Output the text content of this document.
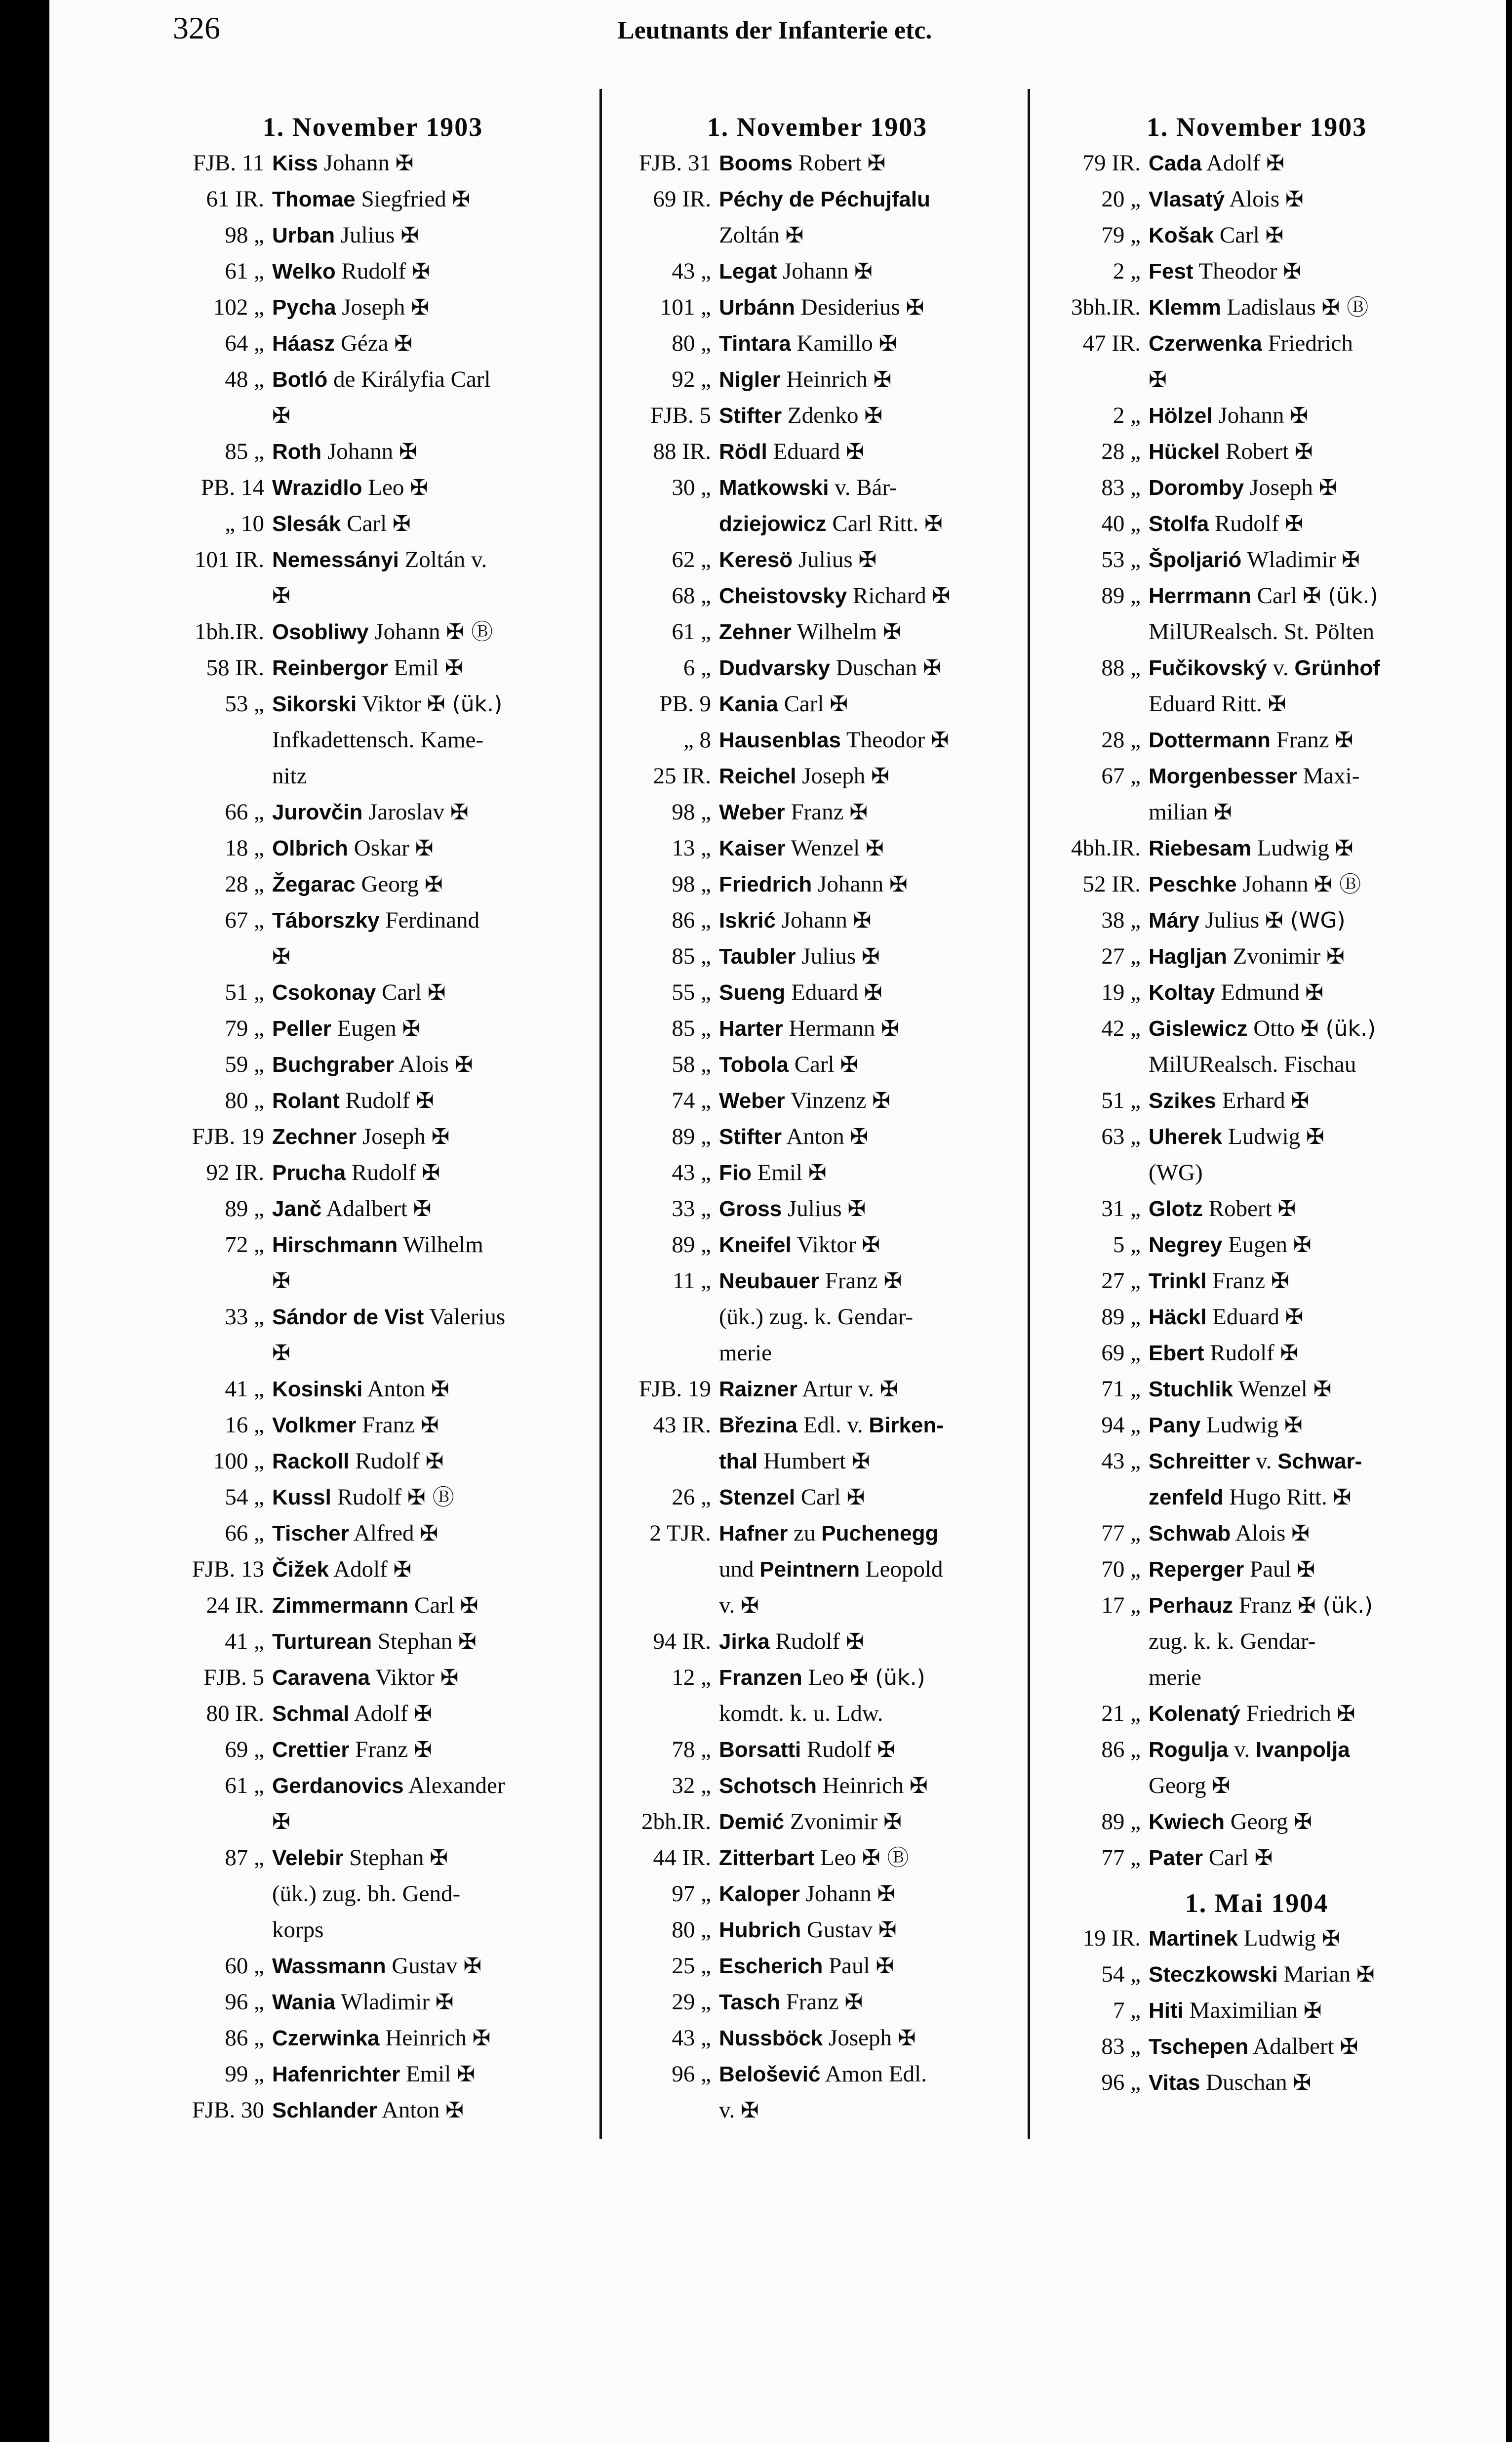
326	Leutnants der Infanterie etc.
1. November 1903
FJB. 11 Kiss Johann ✠
61 IR. Thomae Siegfried ✠
98 „ Urban Julius ✠
61 „ Welko Rudolf ✠
102 „ Pycha Joseph ✠
64 „ Háasz Géza ✠
48 „ Botló de Királyfia Carl
✠
85 „ Roth Johann ✠
PB. 14 Wrazidlo Leo ✠
„ 10 Slesák Carl ✠
101 IR. Nemessányi Zoltán v.
✠
1bh.IR. Osobliwy Johann ✠ Ⓑ
58 IR. Reinbergor Emil ✠
53 „ Sikorski Viktor ✠ (ük.)
Infkadettensch. Kame-
nitz
66 „ Jurovčin Jaroslav ✠
18 „ Olbrich Oskar ✠
28 „ Žegarac Georg ✠
67 „ Táborszky Ferdinand
✠
51 „ Csokonay Carl ✠
79 „ Peller Eugen ✠
59 „ Buchgraber Alois ✠
80 „ Rolant Rudolf ✠
FJB. 19 Zechner Joseph ✠
92 IR. Prucha Rudolf ✠
89 „ Janč Adalbert ✠
72 „ Hirschmann Wilhelm
✠
33 „ Sándor de Vist Valerius
✠
41 „ Kosinski Anton ✠
16 „ Volkmer Franz ✠
100 „ Rackoll Rudolf ✠
54 „ Kussl Rudolf ✠ Ⓑ
66 „ Tischer Alfred ✠
FJB. 13 Čižek Adolf ✠
24 IR. Zimmermann Carl ✠
41 „ Turturean Stephan ✠
FJB. 5 Caravena Viktor ✠
80 IR. Schmal Adolf ✠
69 „ Crettier Franz ✠
61 „ Gerdanovics Alexander
✠
87 „ Velebir Stephan ✠
(ük.) zug. bh. Gend-
korps
60 „ Wassmann Gustav ✠
96 „ Wania Wladimir ✠
86 „ Czerwinka Heinrich ✠
99 „ Hafenrichter Emil ✠
FJB. 30 Schlander Anton ✠
1. November 1903
FJB. 31 Booms Robert ✠
69 IR. Péchy de Péchujfalu
Zoltán ✠
43 „ Legat Johann ✠
101 „ Urbánn Desiderius ✠
80 „ Tintara Kamillo ✠
92 „ Nigler Heinrich ✠
FJB. 5 Stifter Zdenko ✠
88 IR. Rödl Eduard ✠
30 „ Matkowski v. Bár-
dziejowicz Carl Ritt. ✠
62 „ Keresö Julius ✠
68 „ Cheistovsky Richard ✠
61 „ Zehner Wilhelm ✠
6 „ Dudvarsky Duschan ✠
PB. 9 Kania Carl ✠
„ 8 Hausenblas Theodor ✠
25 IR. Reichel Joseph ✠
98 „ Weber Franz ✠
13 „ Kaiser Wenzel ✠
98 „ Friedrich Johann ✠
86 „ Iskrić Johann ✠
85 „ Taubler Julius ✠
55 „ Sueng Eduard ✠
85 „ Harter Hermann ✠
58 „ Tobola Carl ✠
74 „ Weber Vinzenz ✠
89 „ Stifter Anton ✠
43 „ Fio Emil ✠
33 „ Gross Julius ✠
89 „ Kneifel Viktor ✠
11 „ Neubauer Franz ✠
(ük.) zug. k. Gendar-
merie
FJB. 19 Raizner Artur v. ✠
43 IR. Březina Edl. v. Birken-
thal Humbert ✠
26 „ Stenzel Carl ✠
2 TJR. Hafner zu Puchenegg
und Peintnern Leopold
v. ✠
94 IR. Jirka Rudolf ✠
12 „ Franzen Leo ✠ (ük.)
komdt. k. u. Ldw.
78 „ Borsatti Rudolf ✠
32 „ Schotsch Heinrich ✠
2bh.IR. Demić Zvonimir ✠
44 IR. Zitterbart Leo ✠ Ⓑ
97 „ Kaloper Johann ✠
80 „ Hubrich Gustav ✠
25 „ Escherich Paul ✠
29 „ Tasch Franz ✠
43 „ Nussböck Joseph ✠
96 „ Belošević Amon Edl.
v. ✠
1. November 1903
79 IR. Cada Adolf ✠
20 „ Vlasatý Alois ✠
79 „ Košak Carl ✠
2 „ Fest Theodor ✠
3bh.IR. Klemm Ladislaus ✠ Ⓑ
47 IR. Czerwenka Friedrich
✠
2 „ Hölzel Johann ✠
28 „ Hückel Robert ✠
83 „ Doromby Joseph ✠
40 „ Stolfa Rudolf ✠
53 „ Špoljarió Wladimir ✠
89 „ Herrmann Carl ✠ (ük.)
MilURealsch. St. Pölten
88 „ Fučikovský v. Grünhof
Eduard Ritt. ✠
28 „ Dottermann Franz ✠
67 „ Morgenbesser Maxi-
milian ✠
4bh.IR. Riebesam Ludwig ✠
52 IR. Peschke Johann ✠ Ⓑ
38 „ Máry Julius ✠ (WG)
27 „ Hagljan Zvonimir ✠
19 „ Koltay Edmund ✠
42 „ Gislewicz Otto ✠ (ük.)
MilURealsch. Fischau
51 „ Szikes Erhard ✠
63 „ Uherek Ludwig ✠
(WG)
31 „ Glotz Robert ✠
5 „ Negrey Eugen ✠
27 „ Trinkl Franz ✠
89 „ Häckl Eduard ✠
69 „ Ebert Rudolf ✠
71 „ Stuchlik Wenzel ✠
94 „ Pany Ludwig ✠
43 „ Schreitter v. Schwar-
zenfeld Hugo Ritt. ✠
77 „ Schwab Alois ✠
70 „ Reperger Paul ✠
17 „ Perhauz Franz ✠ (ük.)
zug. k. k. Gendar-
merie
21 „ Kolenatý Friedrich ✠
86 „ Rogulja v. Ivanpolja
Georg ✠
89 „ Kwiech Georg ✠
77 „ Pater Carl ✠
1. Mai 1904
19 IR. Martinek Ludwig ✠
54 „ Steczkowski Marian ✠
7 „ Hiti Maximilian ✠
83 „ Tschepen Adalbert ✠
96 „ Vitas Duschan ✠
